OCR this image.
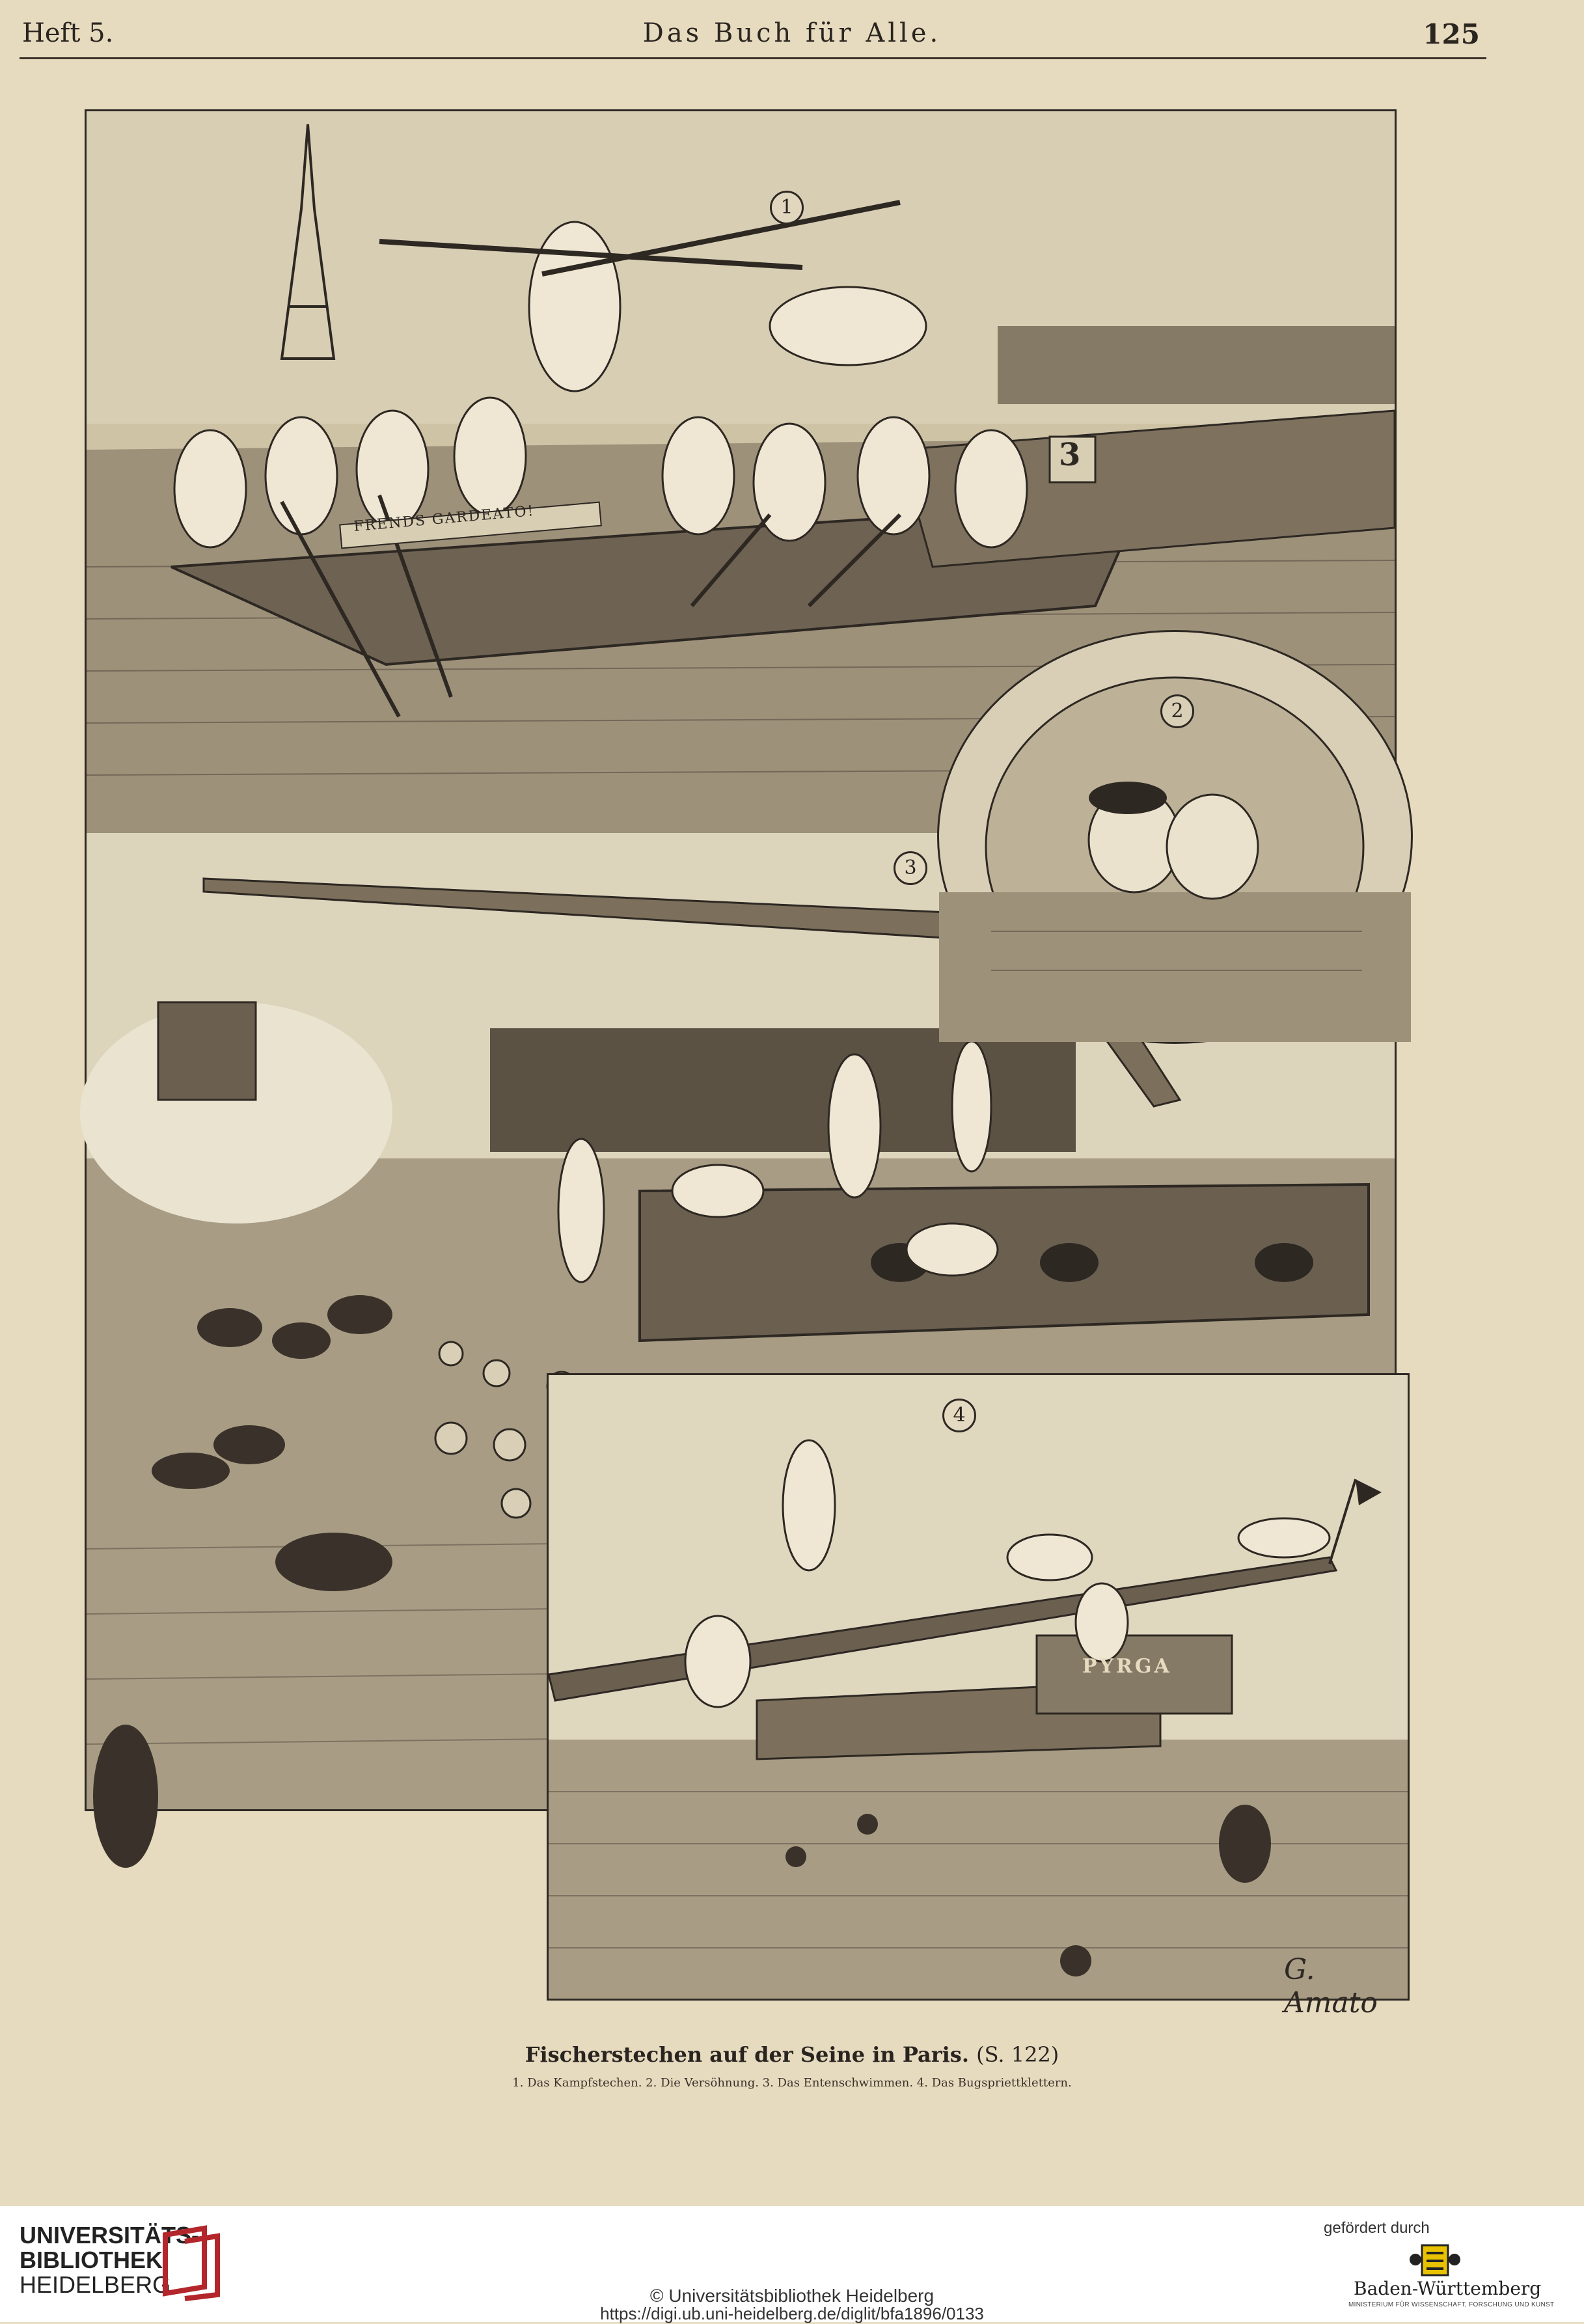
Heft 5.	Das Buch für Alle.	125
1
FRENDS GARDEATO!
3
3
2
4
PYRGA
G. Amato
Fischerstechen auf der Seine in Paris. (S. 122)
1. Das Kampfstechen. 2. Die Versöhnung. 3. Das Entenschwimmen. 4. Das Bugspriettklettern.
UNIVERSITÄTS-
BIBLIOTHEK
HEIDELBERG	© Universitätsbibliothek Heidelberg
https://digi.ub.uni-heidelberg.de/diglit/bfa1896/0133
gefördert durch
Baden-Württemberg
MINISTERIUM FÜR WISSENSCHAFT, FORSCHUNG UND KUNST
